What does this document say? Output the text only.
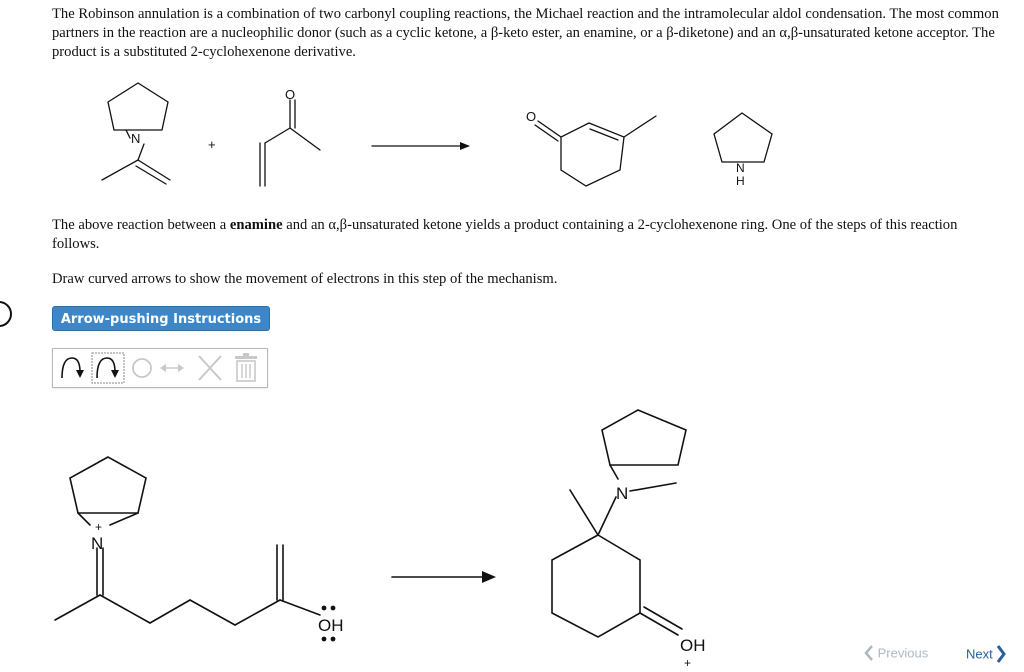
The Robinson annulation is a combination of two carbonyl coupling reactions, the Michael reaction and the intramolecular aldol condensation. The most common partners in the reaction are a nucleophilic donor (such as a cyclic ketone, a β-keto ester, an enamine, or a β-diketone) and an α,β-unsaturated ketone acceptor. The product is a substituted 2-cyclohexenone derivative.

N
O
+
O
N
H

The above reaction between a enamine and an α,β-unsaturated ketone yields a product containing a 2-cyclohexenone ring. One of the steps of this reaction follows.

Draw curved arrows to show the movement of electrons in this step of the mechanism.

Arrow-pushing Instructions
N
+
OH
N
OH
+
Previous	Next
